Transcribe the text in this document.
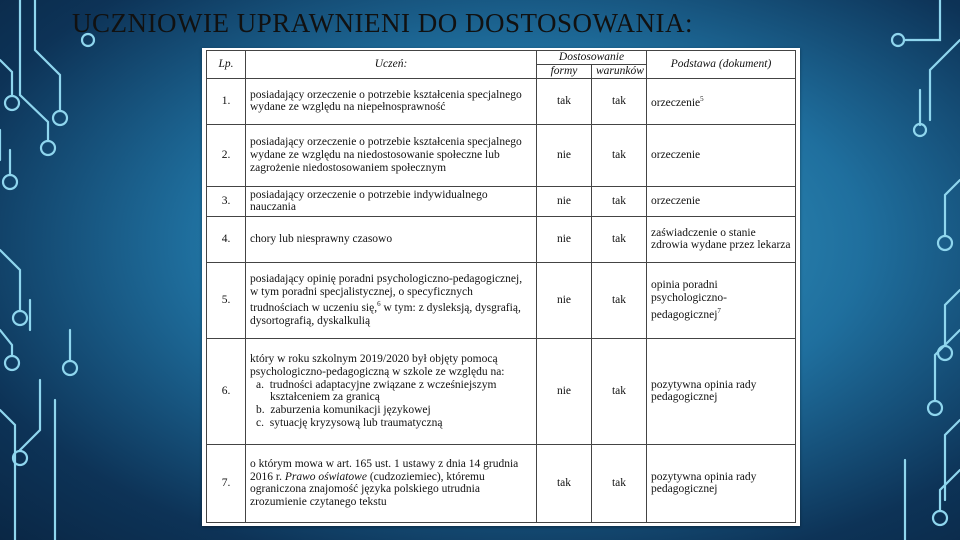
UCZNIOWIE UPRAWNIENI DO DOSTOSOWANIA:
Lp.	Uczeń:	Dostosowanie		Podstawa (dokument)
		formy	warunków	
1.	posiadający orzeczenie o potrzebie kształcenia specjalnego wydane ze względu na niepełnosprawność	tak	tak	orzeczenie$^5$
2.	posiadający orzeczenie o potrzebie kształcenia specjalnego wydane ze względu na niedostosowanie społeczne lub zagrożenie niedostosowaniem społecznym	nie	tak	orzeczenie
3.	posiadający orzeczenie o potrzebie indywidualnego nauczania	nie	tak	orzeczenie
4.	chory lub niesprawny czasowo	nie	tak	zaświadczenie o stanie zdrowia wydane przez lekarza
5.	posiadający opinię poradni psychologiczno-pedagogicznej, w tym poradni specjalistycznej, o specyficznych trudnościach w uczeniu się,$^6$ w tym: z dysleksją, dysgrafią, dysortografią, dyskalkulią	nie	tak	opinia poradni psychologiczno-pedagogicznej$^7$
6.	który w roku szkolnym 2019/2020 był objęty pomocą psychologiczno-pedagogiczną w szkole ze względu na:
a. trudności adaptacyjne związane z wcześniejszym kształceniem za granicą
b. zaburzenia komunikacji językowej
c. sytuację kryzysową lub traumatyczną	nie	tak	pozytywna opinia rady pedagogicznej
7.	o którym mowa w art. 165 ust. 1 ustawy z dnia 14 grudnia 2016 r. Prawo oświatowe (cudzoziemiec), któremu ograniczona znajomość języka polskiego utrudnia zrozumienie czytanego tekstu	tak	tak	pozytywna opinia rady pedagogicznej
